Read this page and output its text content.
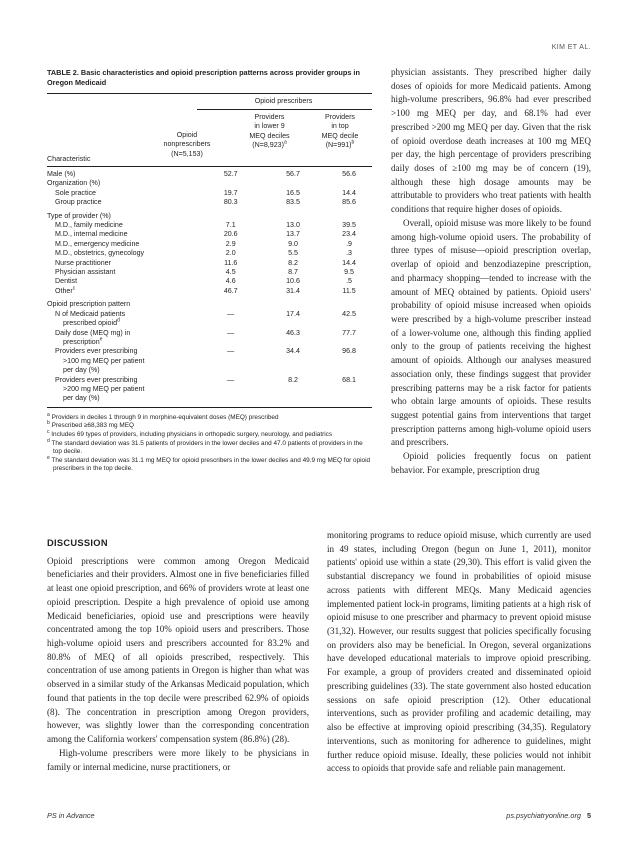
KIM ET AL.
TABLE 2. Basic characteristics and opioid prescription patterns across provider groups in Oregon Medicaid
Opioid prescribers
Characteristic
Opioid
nonprescribers
(N=5,153)
Providers
in lower 9
MEQ deciles
(N=8,923)$^a$
Providers
in top
MEQ decile
(N=991)$^b$
Male (%)	52.7	56.7	56.6
Organization (%)			
Sole practice	19.7	16.5	14.4
Group practice	80.3	83.5	85.6
Type of provider (%)			
M.D., family medicine	7.1	13.0	39.5
M.D., internal medicine	20.6	13.7	23.4
M.D., emergency medicine	2.9	9.0	.9
M.D., obstetrics, gynecology	2.0	5.5	.3
Nurse practitioner	11.6	8.2	14.4
Physician assistant	4.5	8.7	9.5
Dentist	4.6	10.6	.5
Other$^c$	46.7	31.4	11.5
Opioid prescription pattern			
N of Medicaid patients
prescribed opioid$^d$	—	17.4	42.5
Daily dose (MEQ mg) in
prescription$^e$	—	46.3	77.7
Providers ever prescribing
>100 mg MEQ per patient
per day (%)	—	34.4	96.8
Providers ever prescribing
>200 mg MEQ per patient
per day (%)	—	8.2	68.1
$^a$ Providers in deciles 1 through 9 in morphine-equivalent doses (MEQ) prescribed
$^b$ Prescribed ≥68,383 mg MEQ
$^c$ Includes 69 types of providers, including physicians in orthopedic surgery, neurology, and pediatrics
$^d$ The standard deviation was 31.5 patients of providers in the lower deciles and 47.0 patients of providers in the top decile.
$^e$ The standard deviation was 31.1 mg MEQ for opioid prescribers in the lower deciles and 49.9 mg MEQ for opioid prescribers in the top decile.

physician assistants. They prescribed higher daily doses of opioids for more Medicaid patients. Among high-volume prescribers, 96.8% had ever prescribed >100 mg MEQ per day, and 68.1% had ever prescribed >200 mg MEQ per day. Given that the risk of opioid overdose death increases at 100 mg MEQ per day, the high percentage of providers prescribing daily doses of ≥100 mg may be of concern (19), although these high dosage amounts may be attributable to providers who treat patients with health conditions that require higher doses of opioids.

Overall, opioid misuse was more likely to be found among high-volume opioid users. The probability of three types of misuse—opioid prescription overlap, overlap of opioid and benzodiazepine prescription, and pharmacy shopping—tended to increase with the amount of MEQ obtained by patients. Opioid users' probability of opioid misuse increased when opioids were prescribed by a high-volume prescriber instead of a lower-volume one, although this finding applied only to the group of patients receiving the highest amount of opioids. Although our analyses measured association only, these findings suggest that provider prescribing patterns may be a risk factor for patients who obtain large amounts of opioids. These results suggest potential gains from interventions that target prescription patterns among high-volume opioid users and prescribers.

Opioid policies frequently focus on patient behavior. For example, prescription drug

DISCUSSION

Opioid prescriptions were common among Oregon Medicaid beneficiaries and their providers. Almost one in five beneficiaries filled at least one opioid prescription, and 66% of providers wrote at least one opioid prescription. Despite a high prevalence of opioid use among Medicaid beneficiaries, opioid use and prescriptions were heavily concentrated among the top 10% opioid users and prescribers. Those high-volume opioid users and prescribers accounted for 83.2% and 80.8% of MEQ of all opioids prescribed, respectively. This concentration of use among patients in Oregon is higher than what was observed in a similar study of the Arkansas Medicaid population, which found that patients in the top decile were prescribed 62.9% of opioids (8). The concentration in prescription among Oregon providers, however, was slightly lower than the corresponding concentration among the California workers' compensation system (86.8%) (28).

High-volume prescribers were more likely to be physicians in family or internal medicine, nurse practitioners, or

monitoring programs to reduce opioid misuse, which currently are used in 49 states, including Oregon (begun on June 1, 2011), monitor patients' opioid use within a state (29,30). This effort is valid given the substantial discrepancy we found in probabilities of opioid misuse across patients with different MEQs. Many Medicaid agencies implemented patient lock-in programs, limiting patients at a high risk of opioid misuse to one prescriber and pharmacy to prevent opioid misuse (31,32). However, our results suggest that policies specifically focusing on providers also may be beneficial. In Oregon, several organizations have developed educational materials to improve opioid prescribing. For example, a group of providers created and disseminated opioid prescribing guidelines (33). The state government also hosted education sessions on safe opioid prescription (12). Other educational interventions, such as provider profiling and academic detailing, may also be effective at improving opioid prescribing (34,35). Regulatory interventions, such as monitoring for adherence to guidelines, might further reduce opioid misuse. Ideally, these policies would not inhibit access to opioids that provide safe and reliable pain management.

PS in Advance	ps.psychiatryonline.org 5
